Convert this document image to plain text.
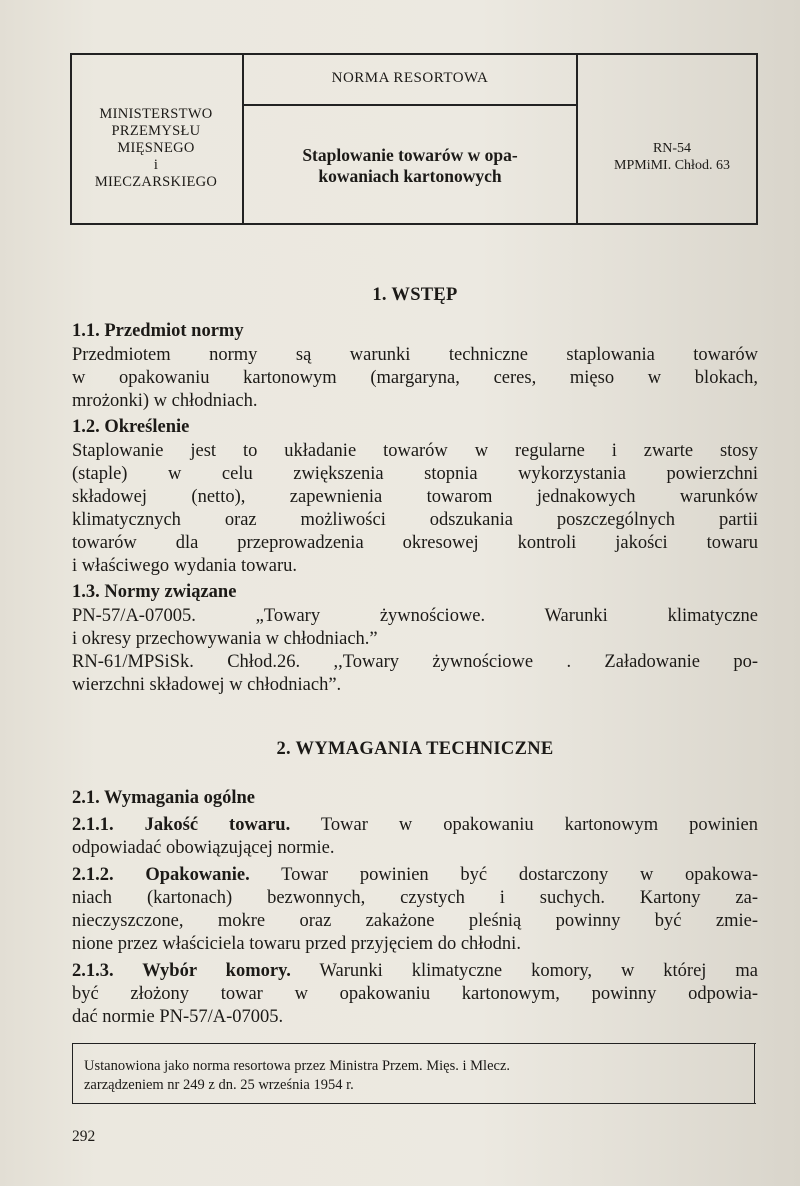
MINISTERSTWO
PRZEMYSŁU
MIĘSNEGO
i
MIECZARSKIEGO
NORMA RESORTOWA
Staplowanie towarów w opa-
kowaniach kartonowych
RN-54
MPMiMI. Chłod. 63
1. WSTĘP
1.1. Przedmiot normy
Przedmiotem normy są warunki techniczne staplowania towarów
w opakowaniu kartonowym (margaryna, ceres, mięso w blokach,
mrożonki) w chłodniach.
1.2. Określenie
Staplowanie jest to układanie towarów w regularne i zwarte stosy
(staple) w celu zwiększenia stopnia wykorzystania powierzchni
składowej (netto), zapewnienia towarom jednakowych warunków
klimatycznych oraz możliwości odszukania poszczególnych partii
towarów dla przeprowadzenia okresowej kontroli jakości towaru
i właściwego wydania towaru.
1.3. Normy związane
PN-57/A-07005. „Towary żywnościowe. Warunki klimatyczne
i okresy przechowywania w chłodniach.”
RN-61/MPSiSk. Chłod.26. ,,Towary żywnościowe . Załadowanie po-
wierzchni składowej w chłodniach”.
2. WYMAGANIA TECHNICZNE
2.1. Wymagania ogólne
2.1.1. Jakość towaru. Towar w opakowaniu kartonowym powinien
odpowiadać obowiązującej normie.
2.1.2. Opakowanie. Towar powinien być dostarczony w opakowa-
niach (kartonach) bezwonnych, czystych i suchych. Kartony za-
nieczyszczone, mokre oraz zakażone pleśnią powinny być zmie-
nione przez właściciela towaru przed przyjęciem do chłodni.
2.1.3. Wybór komory. Warunki klimatyczne komory, w której ma
być złożony towar w opakowaniu kartonowym, powinny odpowia-
dać normie PN-57/A-07005.
Ustanowiona jako norma resortowa przez Ministra Przem. Mięs. i Mlecz.
zarządzeniem nr 249 z dn. 25 września 1954 r.
292
